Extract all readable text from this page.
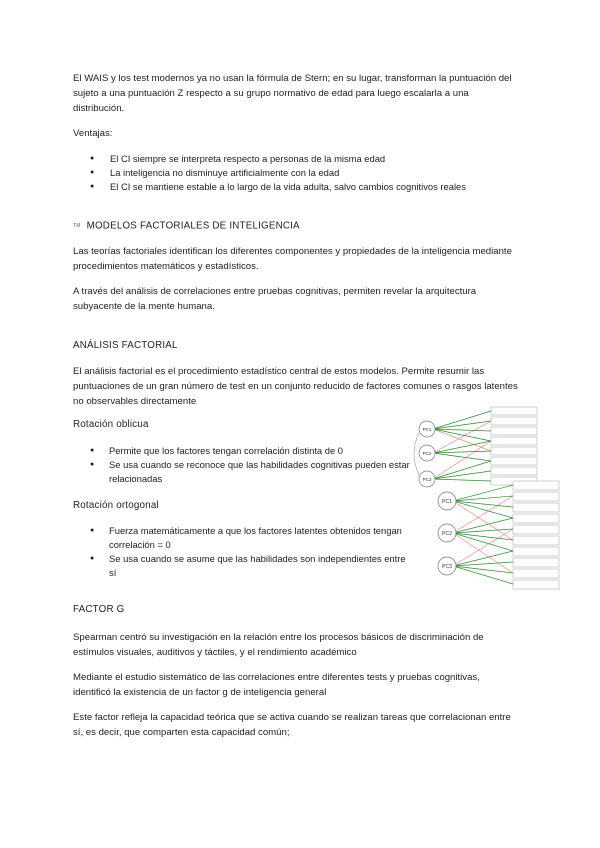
El WAIS y los test modernos ya no usan la fórmula de Stern; en su lugar, transforman la puntuación del sujeto a una puntuación Z respecto a su grupo normativo de edad para luego escalarla a una distribución.

Ventajas:

● El CI siempre se interpreta respecto a personas de la misma edad
● La inteligencia no disminuye artificialmente con la edad
● El CI se mantiene estable a lo largo de la vida adulta, salvo cambios cognitivos reales
TM MODELOS FACTORIALES DE INTELIGENCIA

Las teorías factoriales identifican los diferentes componentes y propiedades de la inteligencia mediante procedimientos matemáticos y estadísticos.

A través del análisis de correlaciones entre pruebas cognitivas, permiten revelar la arquitectura subyacente de la mente humana.

ANÁLISIS FACTORIAL

El análisis factorial es el procedimiento estadístico central de estos modelos. Permite resumir las puntuaciones de un gran número de test en un conjunto reducido de factores comunes o rasgos latentes no observables directamente

Rotación oblicua
● Permite que los factores tengan correlación distinta de 0
● Se usa cuando se reconoce que las habilidades cognitivas pueden estar relacionadas
Rotación ortogonal
● Fuerza matemáticamente a que los factores latentes obtenidos tengan correlación = 0
● Se usa cuando se asume que las habilidades son independientes entre sí
PC1
PC2
PC3
PC1
PC2
PC3
FACTOR G

Spearman centró su investigación en la relación entre los procesos básicos de discriminación de estímulos visuales, auditivos y táctiles, y el rendimiento académico

Mediante el estudio sistemático de las correlaciones entre diferentes tests y pruebas cognitivas, identificó la existencia de un factor g de inteligencia general

Este factor refleja la capacidad teórica que se activa cuando se realizan tareas que correlacionan entre sí, es decir, que comparten esta capacidad común;
